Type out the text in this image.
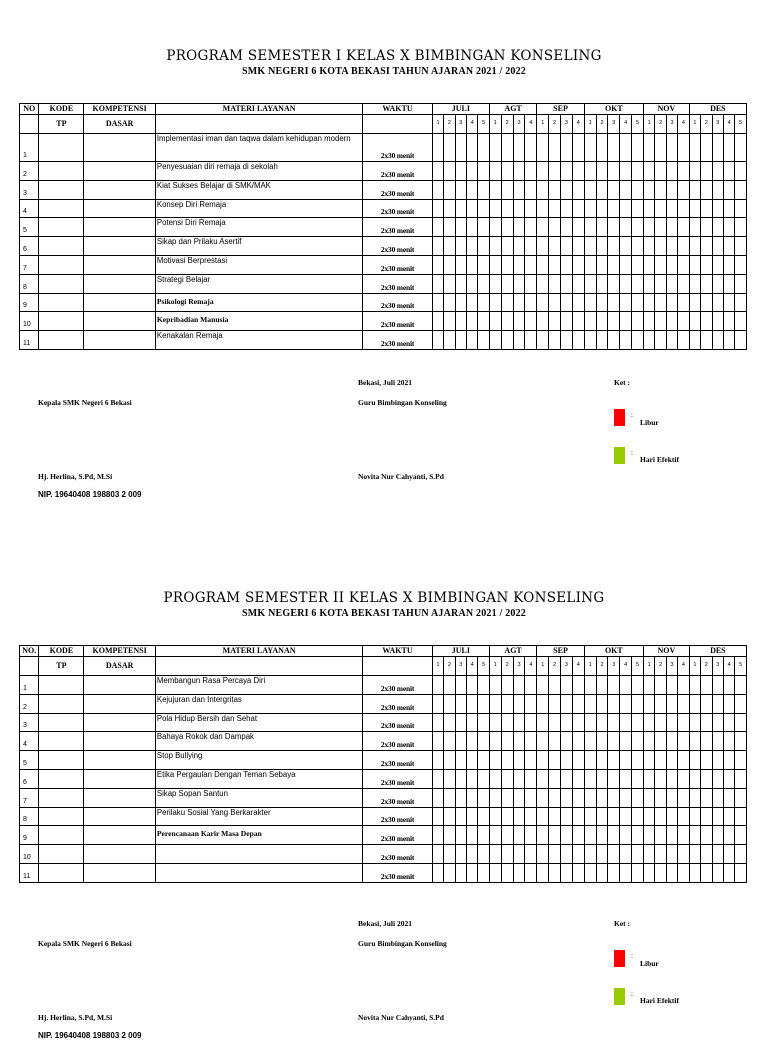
PROGRAM SEMESTER I KELAS X BIMBINGAN KONSELING
SMK NEGERI 6 KOTA BEKASI TAHUN AJARAN 2021 / 2022
NO	KODE	KOMPETENSI	MATERI LAYANAN	WAKTU	JULI					AGT				SEP				OKT					NOV				DES				
	TP	DASAR			1	2	3	4	5	1	2	3	4	1	2	3	4	1	2	3	4	5	1	2	3	4	1	2	3	4	5
1			Implementasi iman dan taqwa dalam kehidupan modern	2x30 menit																											
2			Penyesuaian diri remaja di sekolah	2x30 menit																											
3			Kiat Sukses Belajar di SMK/MAK	2x30 menit																											
4			Konsep Diri Remaja	2x30 menit																											
5			Potensi Diri Remaja	2x30 menit																											
6			Sikap dan Prilaku Asertif	2x30 menit																											
7			Motivasi Berprestasi	2x30 menit																											
8			Strategi Belajar	2x30 menit																											
9			Psikologi Remaja	2x30 menit																											
10			Kepribadian Manusia	2x30 menit																											
11			Kenakalan Remaja	2x30 menit																											
Bekasi, Juli 2021	Ket :
Kepala SMK Negeri 6 Bekasi	Guru Bimbingan Konseling
Hj. Herlina, S.Pd, M.Si	Novita Nur Cahyanti, S.Pd
NIP. 19640408 198803 2 009
Libur
Hari Efektif
:
:
PROGRAM SEMESTER II KELAS X BIMBINGAN KONSELING
SMK NEGERI 6 KOTA BEKASI TAHUN AJARAN 2021 / 2022
NO.	KODE	KOMPETENSI	MATERI LAYANAN	WAKTU	JULI					AGT				SEP				OKT					NOV				DES				
	TP	DASAR			1	2	3	4	5	1	2	3	4	1	2	3	4	1	2	3	4	5	1	2	3	4	1	2	3	4	5
1			Membangun Rasa Percaya Diri	2x30 menit																											
2			Kejujuran dan Intergritas	2x30 menit																											
3			Pola Hidup Bersih dan Sehat	2x30 menit																											
4			Bahaya Rokok dan Dampak	2x30 menit																											
5			Stop Bullying	2x30 menit																											
6			Etika Pergaulan Dengan Teman Sebaya	2x30 menit																											
7			Sikap Sopan Santun	2x30 menit																											
8			Perilaku Sosial Yang Berkarakter	2x30 menit																											
9			Perencanaan Karir Masa Depan	2x30 menit																											
10				2x30 menit																											
11				2x30 menit																											
Bekasi, Juli 2021	Ket :
Kepala SMK Negeri 6 Bekasi	Guru Bimbingan Konseling
Hj. Herlina, S.Pd, M.Si	Novita Nur Cahyanti, S.Pd
NIP. 19640408 198803 2 009
Libur
Hari Efektif
:
:
